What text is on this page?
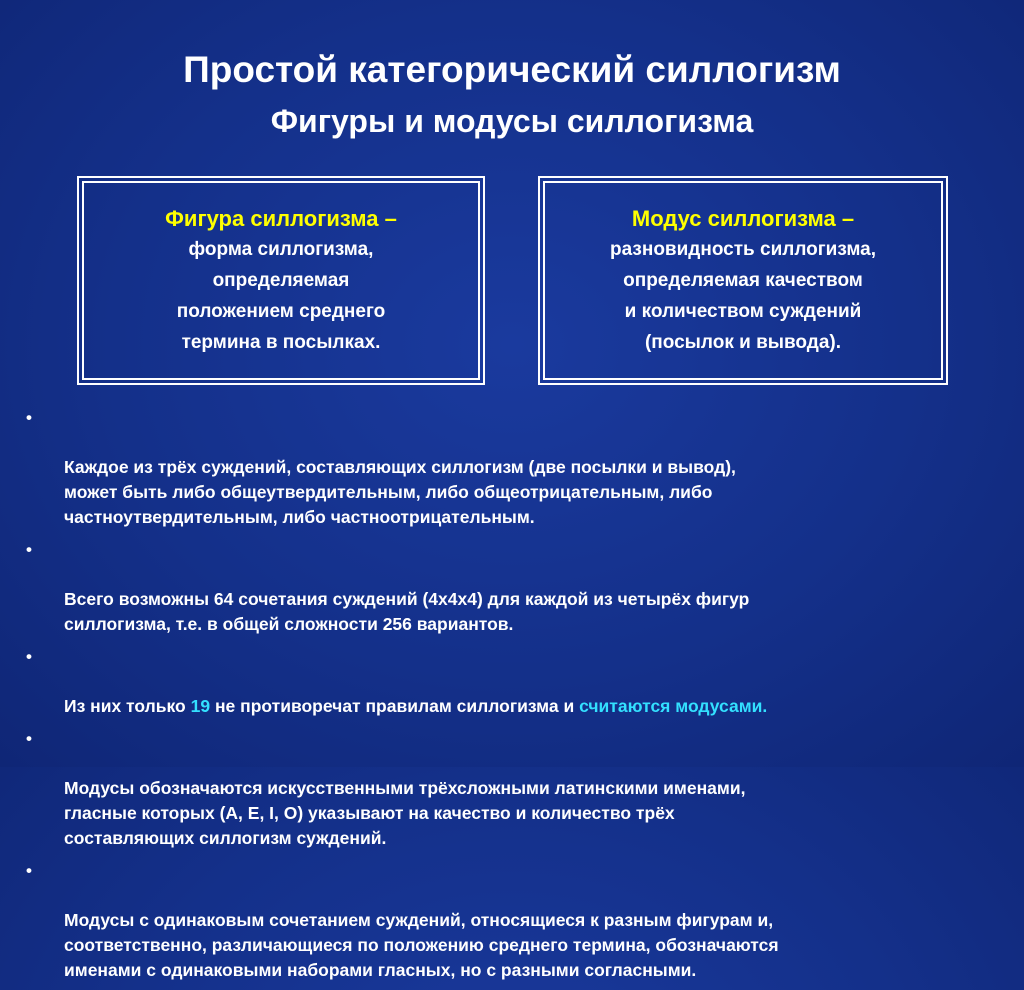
Простой категорический силлогизм
Фигуры и модусы силлогизма
Фигура силлогизма –
форма силлогизма,
определяемая
положением среднего
термина в посылках.
Модус силлогизма –
разновидность силлогизма,
определяемая качеством
и количеством суждений
(посылок и вывода).

•

Каждое из трёх суждений, составляющих силлогизм (две посылки и вывод),
может быть либо общеутвердительным, либо общеотрицательным, либо
частноутвердительным, либо частноотрицательным.

•

Всего возможны 64 сочетания суждений (4х4х4) для каждой из четырёх фигур
силлогизма, т.е. в общей сложности 256 вариантов.

•

Из них только 19 не противоречат правилам силлогизма и считаются модусами.

•

Модусы обозначаются искусственными трёхсложными латинскими именами,
гласные которых (A, E, I, O) указывают на качество и количество трёх
составляющих силлогизм суждений.

•

Модусы с одинаковым сочетанием суждений, относящиеся к разным фигурам и,
соответственно, различающиеся по положению среднего термина, обозначаются
именами с одинаковыми наборами гласных, но с разными согласными.
